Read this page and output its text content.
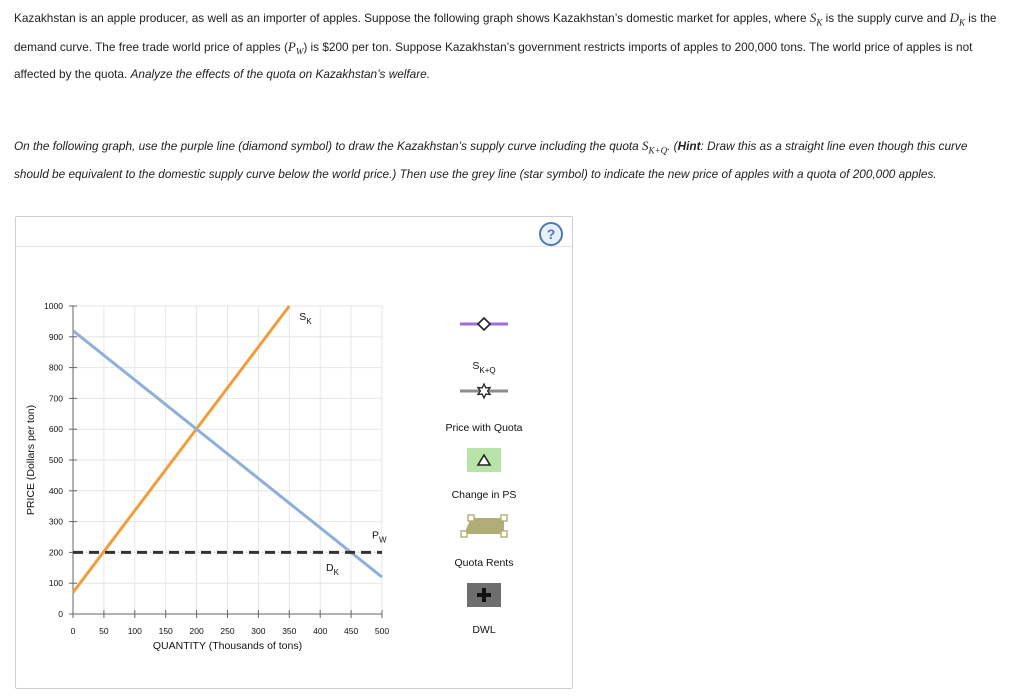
Kazakhstan is an apple producer, as well as an importer of apples. Suppose the following graph shows Kazakhstan’s domestic market for apples, where $S_K$ is the supply curve and $D_K$ is the demand curve. The free trade world price of apples $(P_W)$ is $200 per ton. Suppose Kazakhstan’s government restricts imports of apples to 200,000 tons. The world price of apples is not affected by the quota. Analyze the effects of the quota on Kazakhstan’s welfare.

On the following graph, use the purple line (diamond symbol) to draw the Kazakhstan’s supply curve including the quota $S_{K+Q}$. (Hint: Draw this as a straight line even though this curve should be equivalent to the domestic supply curve below the world price.) Then use the grey line (star symbol) to indicate the new price of apples with a quota of 200,000 apples.

?
0	50 100 150 200 250 300 350 400 450 500
0
100
200
300
400
500
600
700
800
900
1000
QUANTITY (Thousands of tons)
PRICE (Dollars per ton)
$S_K$
$D_K$
$P_W$
$S_{K+Q}$
Price with Quota
Change in PS
Quota Rents
DWL
